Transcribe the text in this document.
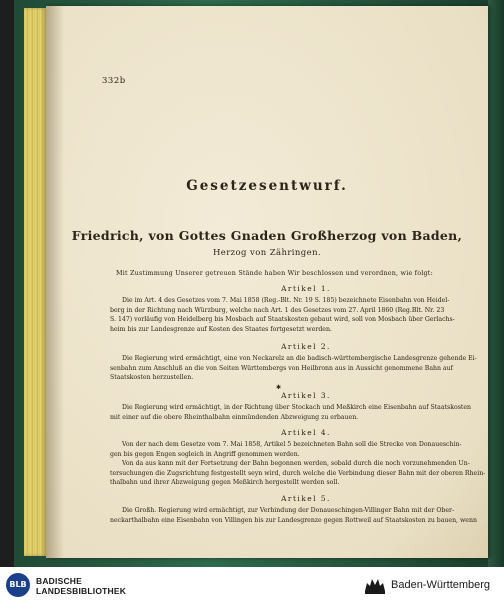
332b
Gesetzesentwurf.
Friedrich, von Gottes Gnaden Großherzog von Baden,
Herzog von Zähringen.
Mit Zustimmung Unserer getreuen Stände haben Wir beschlossen und verordnen, wie folgt:
Artikel 1.
Die im Art. 4 des Gesetzes vom 7. Mai 1858 (Reg.-Blt. Nr. 19 S. 185) bezeichnete Eisenbahn von Heidel-
berg in der Richtung nach Würzburg, welche nach Art. 1 des Gesetzes vom 27. April 1860 (Reg.Blt. Nr. 23
S. 147) vorläufig von Heidelberg bis Mosbach auf Staatskosten gebaut wird, soll von Mosbach über Gerlachs-
heim bis zur Landesgrenze auf Kosten des Staates fortgesetzt werden.
Artikel 2.
Die Regierung wird ermächtigt, eine von Neckarelz an die badisch-württembergische Landesgrenze gehende Ei-
senbahn zum Anschluß an die von Seiten Württembergs von Heilbronn aus in Aussicht genommene Bahn auf
Staatskosten herzustellen.
✱
Artikel 3.
Die Regierung wird ermächtigt, in der Richtung über Stockach und Meßkirch eine Eisenbahn auf Staatskosten
mit einer auf die obere Rheinthalbahn einmündenden Abzweigung zu erbauen.
Artikel 4.
Von der nach dem Gesetze vom 7. Mai 1858, Artikel 5 bezeichneten Bahn soll die Strecke von Donaueschin-
gen bis gegen Engen sogleich in Angriff genommen werden.
Von da aus kann mit der Fortsetzung der Bahn begonnen werden, sobald durch die noch vorzunehmenden Un-
tersuchungen die Zugsrichtung festgestellt seyn wird, durch welche die Verbindung dieser Bahn mit der oberen Rhein-
thalbahn und ihrer Abzweigung gegen Meßkirch hergestellt werden soll.
Artikel 5.
Die Großh. Regierung wird ermächtigt, zur Verbindung der Donaueschingen-Villinger Bahn mit der Ober-
neckarthalbahn eine Eisenbahn von Villingen bis zur Landesgrenze gegen Rottweil auf Staatskosten zu bauen, wenn
BLB	BADISCHE
LANDESBIBLIOTHEK	Baden-Württemberg
